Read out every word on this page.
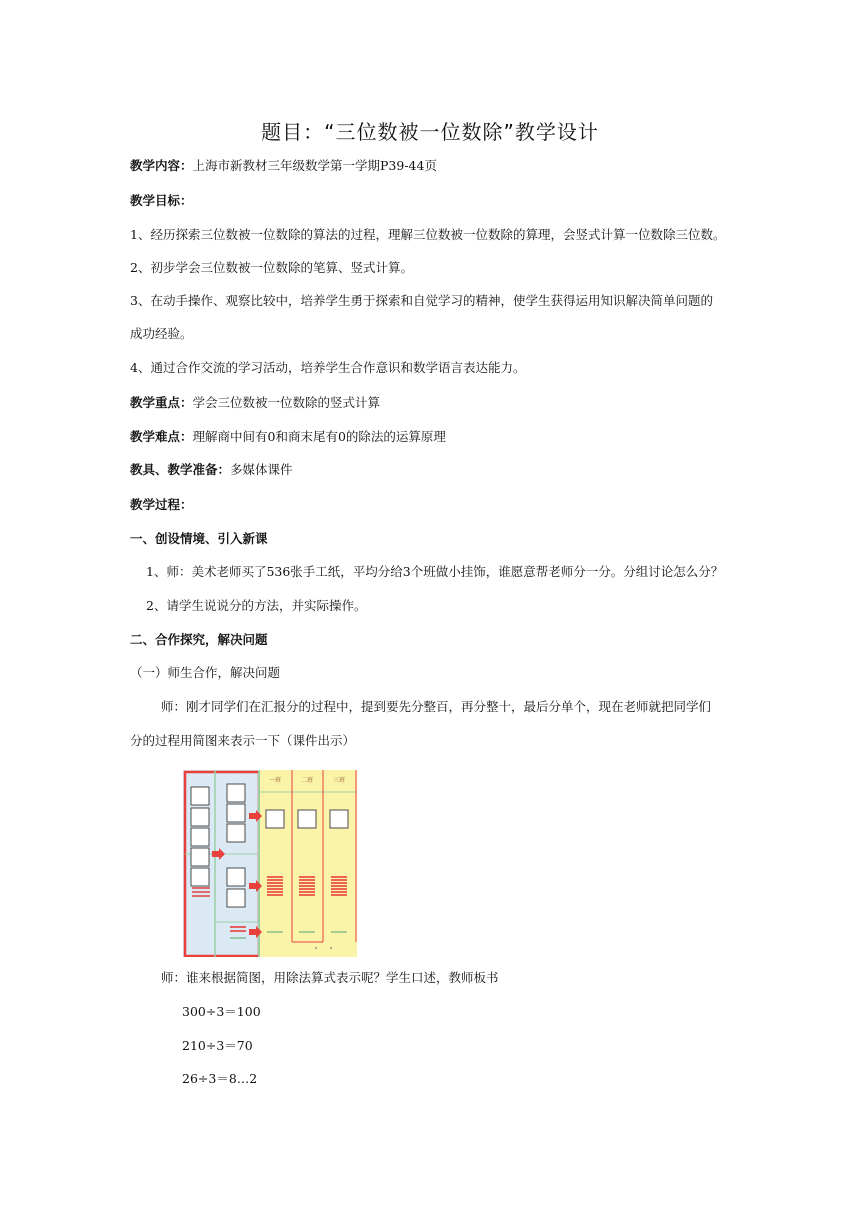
题目：“三位数被一位数除”教学设计
教学内容：上海市新教材三年级数学第一学期P39-44页
教学目标：
1、经历探索三位数被一位数除的算法的过程，理解三位数被一位数除的算理，会竖式计算一位数除三位数。
2、初步学会三位数被一位数除的笔算、竖式计算。
3、在动手操作、观察比较中，培养学生勇于探索和自觉学习的精神，使学生获得运用知识解决简单问题的
成功经验。
4、通过合作交流的学习活动，培养学生合作意识和数学语言表达能力。
教学重点：学会三位数被一位数除的竖式计算
教学难点：理解商中间有0和商末尾有0的除法的运算原理
教具、教学准备：多媒体课件
教学过程：
一、创设情境、引入新课
1、师：美术老师买了536张手工纸，平均分给3个班做小挂饰，谁愿意帮老师分一分。分组讨论怎么分？
2、请学生说说分的方法，并实际操作。
二、合作探究，解决问题
（一）师生合作，解决问题
师：刚才同学们在汇报分的过程中，提到要先分整百，再分整十，最后分单个，现在老师就把同学们
分的过程用简图来表示一下（课件出示）
一班	二班	三班
师：谁来根据简图，用除法算式表示呢？学生口述，教师板书
300÷3＝100
210÷3＝70
26÷3＝8…2
